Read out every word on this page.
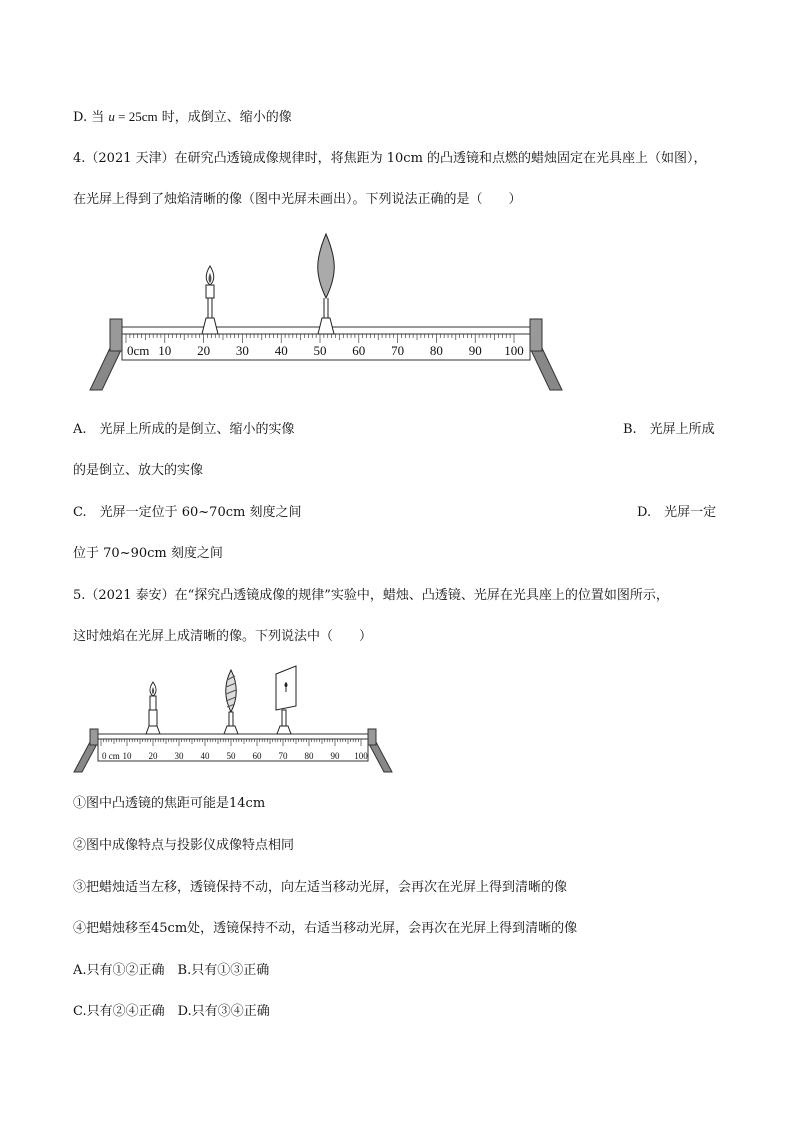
D. 当 u = 25cm 时，成倒立、缩小的像
4.（2021 天津）在研究凸透镜成像规律时，将焦距为 10cm 的凸透镜和点燃的蜡烛固定在光具座上（如图），
在光屏上得到了烛焰清晰的像（图中光屏未画出）。下列说法正确的是（　　）
0cm 10 20 30 40 50 60 70 80 90 100
A.　光屏上所成的是倒立、缩小的实像	B.　光屏上所成
的是倒立、放大的实像
C.　光屏一定位于 60~70cm 刻度之间	D.　光屏一定
位于 70~90cm 刻度之间
5.（2021 泰安）在“探究凸透镜成像的规律”实验中，蜡烛、凸透镜、光屏在光具座上的位置如图所示，
这时烛焰在光屏上成清晰的像。下列说法中（　　）
0 cm 10 20 30 40 50 60 70 80 90 100
①图中凸透镜的焦距可能是14cm
②图中成像特点与投影仪成像特点相同
③把蜡烛适当左移，透镜保持不动，向左适当移动光屏，会再次在光屏上得到清晰的像
④把蜡烛移至45cm处，透镜保持不动，右适当移动光屏，会再次在光屏上得到清晰的像
A.只有①②正确　B.只有①③正确
C.只有②④正确　D.只有③④正确
